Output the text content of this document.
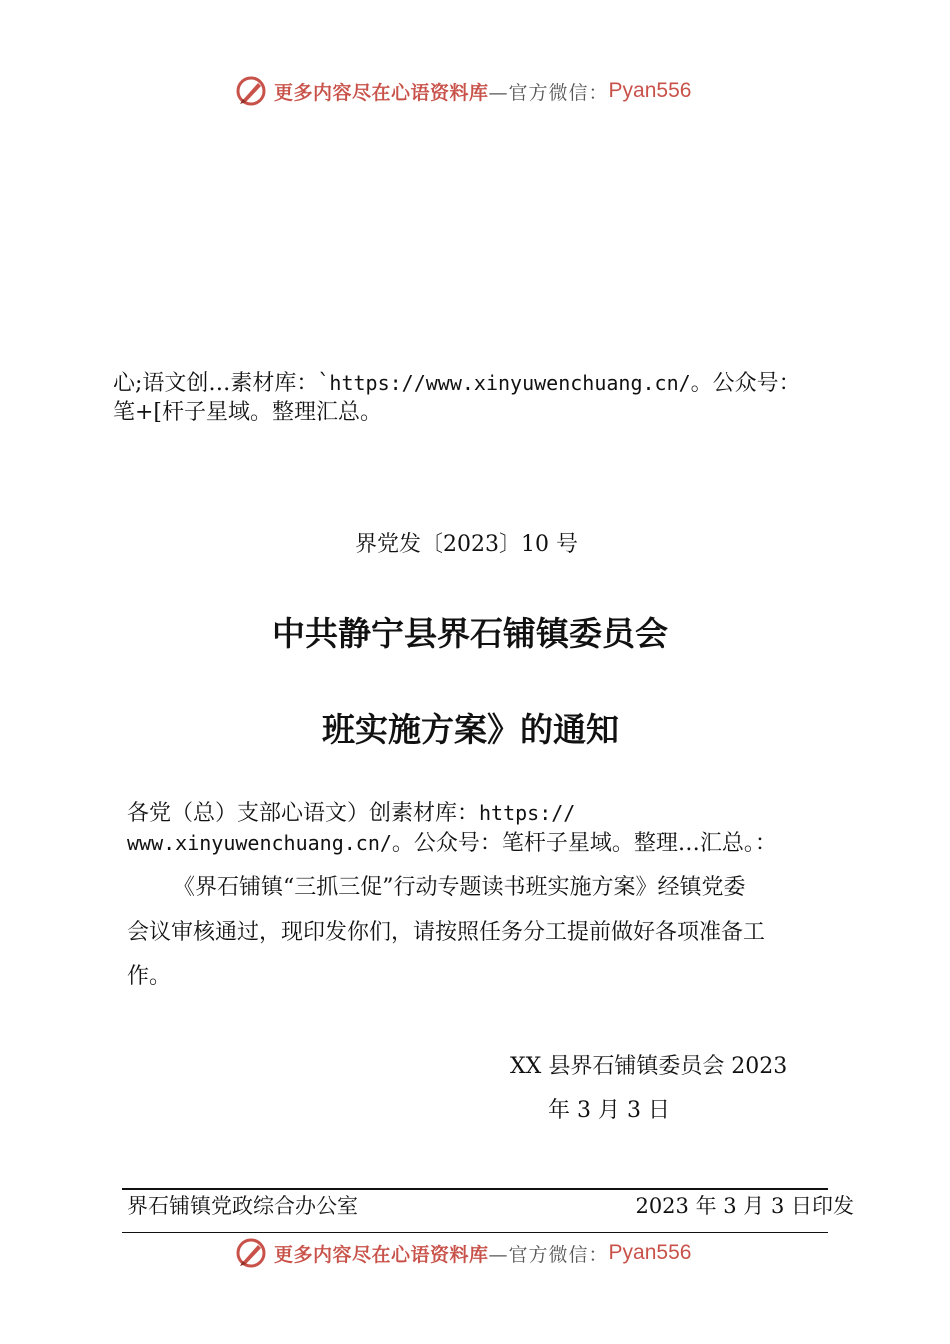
更多内容尽在心语资料库 —官方微信： Pyan556
心;语文创…素材库：`https://www.xinyuwenchuang.cn/。公众号：
笔+[杆子星域。整理汇总。
界党发〔2023〕10 号
中共静宁县界石铺镇委员会
班实施方案》的通知
各党（总）支部心语文）创素材库：https://
www.xinyuwenchuang.cn/。公众号：笔杆子星域。整理…汇总。：
《界石铺镇“三抓三促”行动专题读书班实施方案》经镇党委
会议审核通过，现印发你们，请按照任务分工提前做好各项准备工
作。
XX 县界石铺镇委员会 2023
年 3 月 3 日
界石铺镇党政综合办公室	2023 年 3 月 3 日印发
更多内容尽在心语资料库 —官方微信： Pyan556
